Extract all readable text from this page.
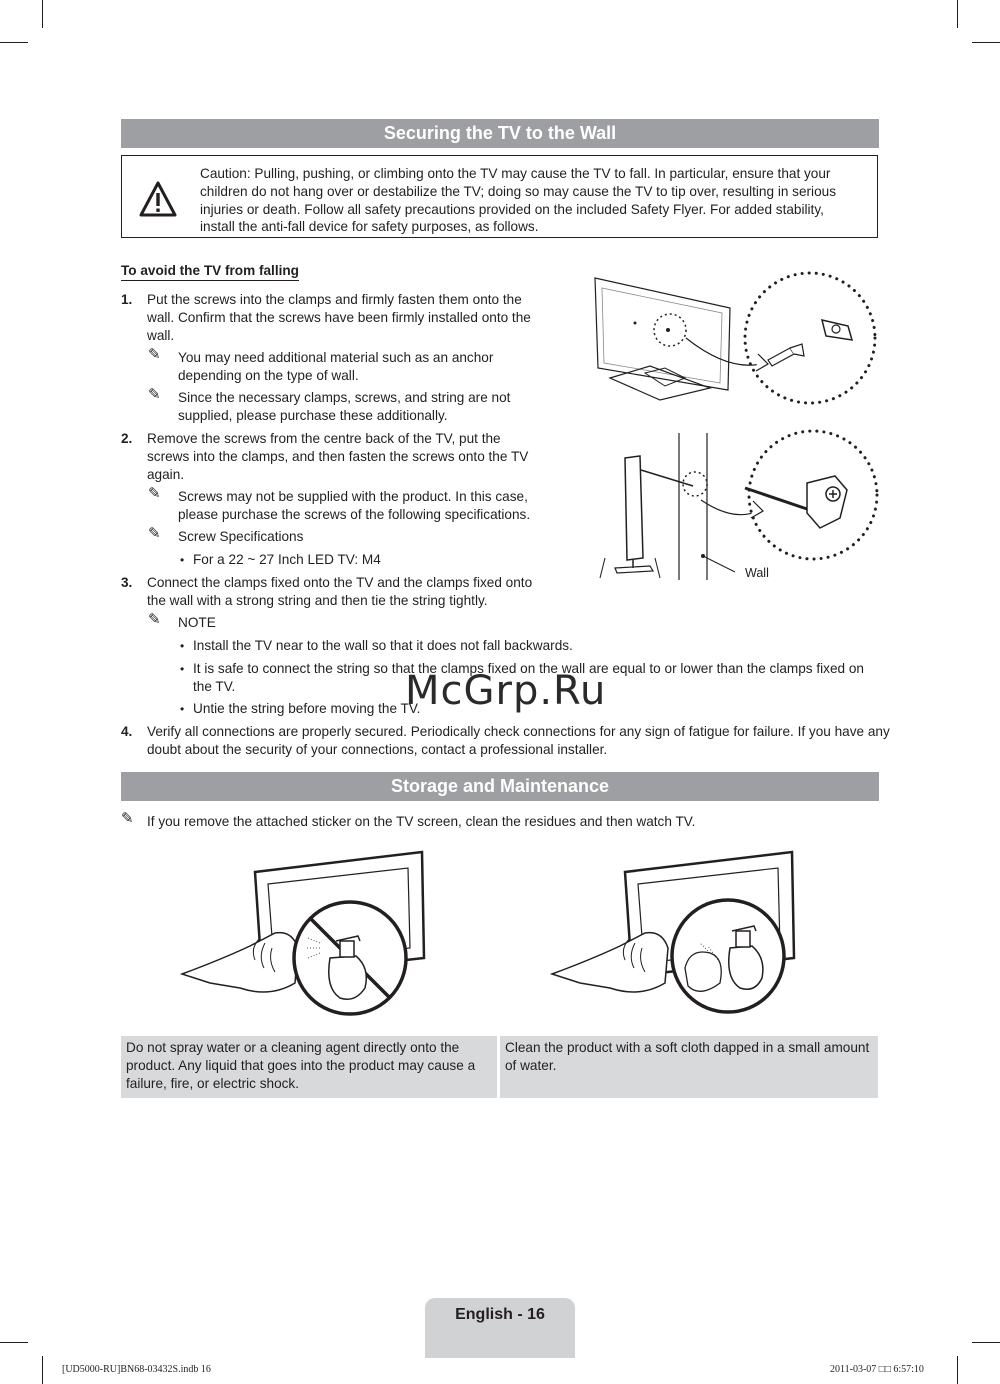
Securing the TV to the Wall
Caution: Pulling, pushing, or climbing onto the TV may cause the TV to fall. In particular, ensure that your children do not hang over or destabilize the TV; doing so may cause the TV to tip over, resulting in serious injuries or death. Follow all safety precautions provided on the included Safety Flyer. For added stability, install the anti-fall device for safety purposes, as follows.
To avoid the TV from falling
1. Put the screws into the clamps and firmly fasten them onto the
wall. Confirm that the screws have been firmly installed onto the
wall.
✎ You may need additional material such as an anchor
depending on the type of wall.
✎ Since the necessary clamps, screws, and string are not
supplied, please purchase these additionally.
2. Remove the screws from the centre back of the TV, put the
screws into the clamps, and then fasten the screws onto the TV
again.
✎ Screws may not be supplied with the product. In this case,
please purchase the screws of the following specifications.
✎ Screw Specifications
• For a 22 ~ 27 Inch LED TV: M4
3. Connect the clamps fixed onto the TV and the clamps fixed onto
the wall with a strong string and then tie the string tightly.
✎ NOTE
• Install the TV near to the wall so that it does not fall backwards.
• It is safe to connect the string so that the clamps fixed on the wall are equal to or lower than the clamps fixed on
the TV.
• Untie the string before moving the TV.
4. Verify all connections are properly secured. Periodically check connections for any sign of fatigue for failure. If you have any
doubt about the security of your connections, contact a professional installer.
McGrp.Ru
Wall
Storage and Maintenance
✎ If you remove the attached sticker on the TV screen, clean the residues and then watch TV.
Do not spray water or a cleaning agent directly onto the
product. Any liquid that goes into the product may cause a
failure, fire, or electric shock.
Clean the product with a soft cloth dapped in a small amount
of water.
English - 16
[UD5000-RU]BN68-03432S.indb 16	2011-03-07 □□ 6:57:10
